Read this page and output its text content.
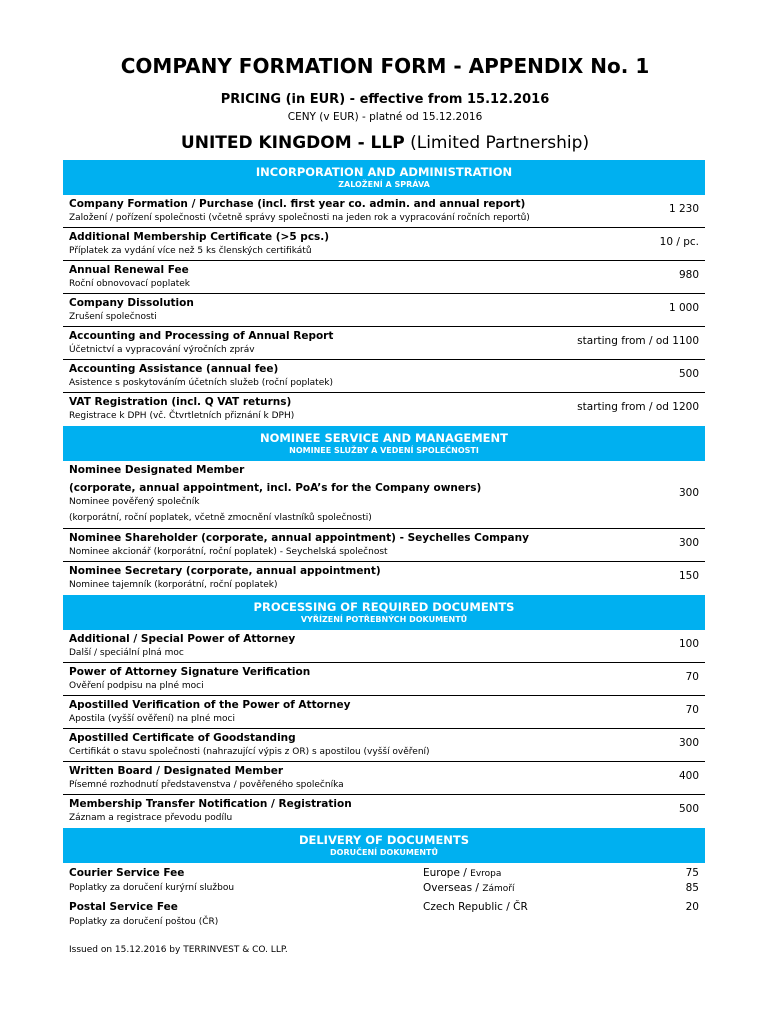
COMPANY FORMATION FORM - APPENDIX No. 1
PRICING (in EUR) - effective from 15.12.2016
CENY (v EUR) - platné od 15.12.2016
UNITED KINGDOM - LLP (Limited Partnership)
INCORPORATION AND ADMINISTRATION
ZALOŽENÍ A SPRÁVA
Company Formation / Purchase (incl. first year co. admin. and annual report)
Založení / pořízení společnosti (včetně správy společnosti na jeden rok a vypracování ročních reportů)
1 230
Additional Membership Certificate (>5 pcs.)
Příplatek za vydání více než 5 ks členských certifikátů
10 / pc.
Annual Renewal Fee
Roční obnovovací poplatek
980
Company Dissolution
Zrušení společnosti
1 000
Accounting and Processing of Annual Report
Účetnictví a vypracování výročních zpráv
starting from / od 1100
Accounting Assistance (annual fee)
Asistence s poskytováním účetních služeb (roční poplatek)
500
VAT Registration (incl. Q VAT returns)
Registrace k DPH (vč. Čtvrtletních přiznání k DPH)
starting from / od 1200
NOMINEE SERVICE AND MANAGEMENT
NOMINEE SLUŽBY A VEDENÍ SPOLEČNOSTI
Nominee Designated Member
(corporate, annual appointment, incl. PoA’s for the Company owners)
Nominee pověřený společník
(korporátní, roční poplatek, včetně zmocnění vlastníků společnosti)
300
Nominee Shareholder (corporate, annual appointment) - Seychelles Company
Nominee akcionář (korporátní, roční poplatek) - Seychelská společnost
300
Nominee Secretary (corporate, annual appointment)
Nominee tajemník (korporátní, roční poplatek)
150
PROCESSING OF REQUIRED DOCUMENTS
VYŘÍZENÍ POTŘEBNÝCH DOKUMENTŮ
Additional / Special Power of Attorney
Další / speciální plná moc
100
Power of Attorney Signature Verification
Ověření podpisu na plné moci
70
Apostilled Verification of the Power of Attorney
Apostila (vyšší ověření) na plné moci
70
Apostilled Certificate of Goodstanding
Certifikát o stavu společnosti (nahrazující výpis z OR) s apostilou (vyšší ověření)
300
Written Board / Designated Member
Písemné rozhodnutí představenstva / pověřeného společníka
400
Membership Transfer Notification / Registration
Záznam a registrace převodu podílu
500
DELIVERY OF DOCUMENTS
DORUČENÍ DOKUMENTŮ
Courier Service Fee
Poplatky za doručení kurýrní službou
Europe / Evropa	75
Overseas / Zámoří	85
Postal Service Fee
Poplatky za doručení poštou (ČR)
Czech Republic / ČR	20
Issued on 15.12.2016 by TERRINVEST & CO. LLP.
